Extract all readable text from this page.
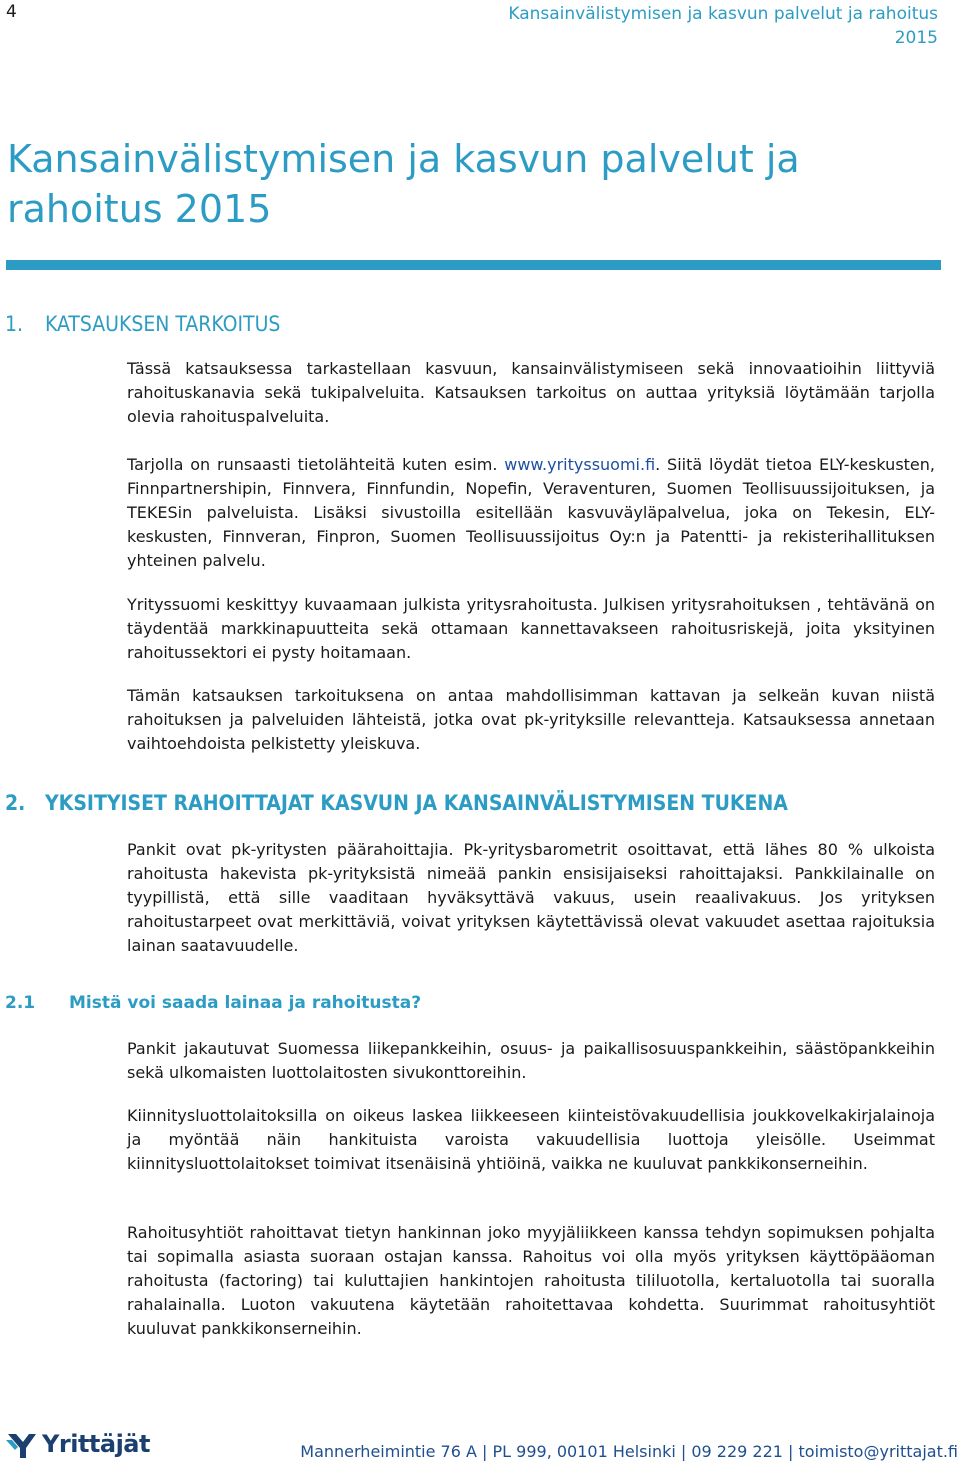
4	Kansainvälistymisen ja kasvun palvelut ja rahoitus 2015
Kansainvälistymisen ja kasvun palvelut ja rahoitus 2015
1. KATSAUKSEN TARKOITUS

Tässä katsauksessa tarkastellaan kasvuun, kansainvälistymiseen sekä innovaatioihin liittyviä rahoituskanavia sekä tukipalveluita. Katsauksen tarkoitus on auttaa yrityksiä löytämään tarjolla olevia rahoituspalveluita.

Tarjolla on runsaasti tietolähteitä kuten esim. www.yrityssuomi.fi. Siitä löydät tietoa ELY-keskusten, Finnpartnershipin, Finnvera, Finnfundin, Nopefin, Veraventuren, Suomen Teollisuussijoituksen, ja TEKESin palveluista. Lisäksi sivustoilla esitellään kasvuväyläpalvelua, joka on Tekesin, ELY-keskusten, Finnveran, Finpron, Suomen Teollisuussijoitus Oy:n ja Patentti- ja rekisterihallituksen yhteinen palvelu.

Yrityssuomi keskittyy kuvaamaan julkista yritysrahoitusta. Julkisen yritysrahoituksen , tehtävänä on täydentää markkinapuutteita sekä ottamaan kannettavakseen rahoitusriskejä, joita yksityinen rahoitussektori ei pysty hoitamaan.

Tämän katsauksen tarkoituksena on antaa mahdollisimman kattavan ja selkeän kuvan niistä rahoituksen ja palveluiden lähteistä, jotka ovat pk-yrityksille relevantteja. Katsauksessa annetaan vaihtoehdoista pelkistetty yleiskuva.

2. YKSITYISET RAHOITTAJAT KASVUN JA KANSAINVÄLISTYMISEN TUKENA

Pankit ovat pk-yritysten päärahoittajia. Pk-yritysbarometrit osoittavat, että lähes 80 % ulkoista rahoitusta hakevista pk-yrityksistä nimeää pankin ensisijaiseksi rahoittajaksi. Pankkilainalle on tyypillistä, että sille vaaditaan hyväksyttävä vakuus, usein reaalivakuus. Jos yrityksen rahoitustarpeet ovat merkittäviä, voivat yrityksen käytettävissä olevat vakuudet asettaa rajoituksia lainan saatavuudelle.

2.1 Mistä voi saada lainaa ja rahoitusta?

Pankit jakautuvat Suomessa liikepankkeihin, osuus- ja paikallisosuuspankkeihin, säästöpankkeihin sekä ulkomaisten luottolaitosten sivukonttoreihin.

Kiinnitysluottolaitoksilla on oikeus laskea liikkeeseen kiinteistövakuudellisia joukkovelkakirjalainoja ja myöntää näin hankituista varoista vakuudellisia luottoja yleisölle. Useimmat kiinnitysluottolaitokset toimivat itsenäisinä yhtiöinä, vaikka ne kuuluvat pankkikonserneihin.

Rahoitusyhtiöt rahoittavat tietyn hankinnan joko myyjäliikkeen kanssa tehdyn sopimuksen pohjalta tai sopimalla asiasta suoraan ostajan kanssa. Rahoitus voi olla myös yrityksen käyttöpääoman rahoitusta (factoring) tai kuluttajien hankintojen rahoitusta tililuotolla, kertaluotolla tai suoralla rahalainalla. Luoton vakuutena käytetään rahoitettavaa kohdetta. Suurimmat rahoitusyhtiöt kuuluvat pankkikonserneihin.

Yrittäjät	Mannerheimintie 76 A | PL 999, 00101 Helsinki | 09 229 221 | toimisto@yrittajat.fi
